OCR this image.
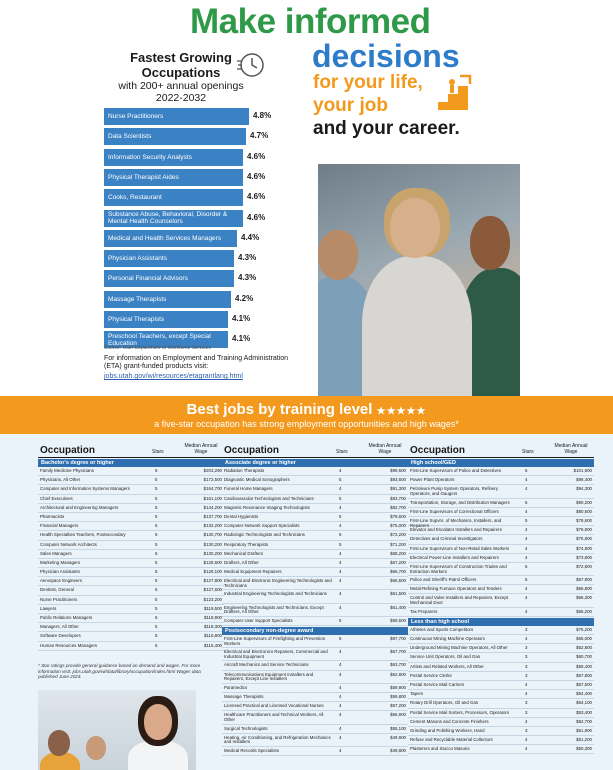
Make informed
decisions
for your life,
your job
and your career.
Fastest Growing
Occupations
with 200+ annual openings
2022-2032
Nurse Practitioners	4.8%
Data Scientists	4.7%
Information Security Analysts	4.6%
Physical Therapist Aides	4.6%
Cooks, Restaurant	4.6%
Substance Abuse, Behavioral, Disorder & Mental Health Counselors	4.6%
Medical and Health Services Managers	4.4%
Physician Assistants	4.3%
Personal Financial Advisors	4.3%
Massage Therapists	4.2%
Physical Therapists	4.1%
Preschool Teachers, except Special Education	4.1%
Source: Utah Department of Workforce Services
For information on Employment and Training Administration (ETA) grant-funded products visit:
jobs.utah.gov/wi/resources/etagrantlang.html
Best jobs by training level ★★★★★
a five-star occupation has strong employment opportunities and high wages*
Occupation	Stars
Median Annual Wage
Bachelor's degree or higher
Family Medicine Physicians	5	$203,290
Physicians, All Other	5	$172,500
Computer and Information Systems Managers	5	$164,700
Chief Executives	5	$161,100
Architectural and Engineering Managers	5	$144,200
Pharmacists	5	$137,700
Financial Managers	5	$132,200
Health Specialties Teachers, Postsecondary	5	$130,700
Computer Network Architects	5	$130,200
Sales Managers	5	$130,200
Marketing Managers	5	$128,600
Physician Assistants	5	$128,100
Aerospace Engineers	5	$127,800
Dentists, General	5	$127,600
Nurse Practitioners	5	$123,200
Lawyers	5	$119,500
Public Relations Managers	5	$118,900
Managers, All Other	5	$118,300
Software Developers	5	$116,800
Human Resources Managers	5	$115,400
Occupation	Stars
Median Annual Wage
Associate degree or higher
Radiation Therapists	4	$99,500
Diagnostic Medical Sonographers	5	$93,600
Funeral Home Managers	4	$91,300
Cardiovascular Technologists and Technicians	5	$83,700
Magnetic Resonance Imaging Technologists	4	$82,700
Dental Hygienists	5	$79,600
Computer Network Support Specialists	4	$75,000
Radiologic Technologists and Technicians	5	$73,200
Respiratory Therapists	5	$71,200
Mechanical Drafters	4	$68,200
Drafters, All Other	4	$67,200
Medical Equipment Repairers	4	$66,700
Electrical and Electronic Engineering Technologists and Technicians
4	$66,500
Industrial Engineering Technologists and Technicians	4	$61,500
Engineering Technologists and Technicians, Except Drafters, All Other
4	$61,400
Computer User Support Specialists	5	$59,500
Postsecondary non-degree award
First-Line Supervisors of Firefighting and Prevention Workers
5	$97,700
Electrical and Electronics Repairers, Commercial and Industrial Equipment
4	$67,700
Aircraft Mechanics and Service Technicians	4	$63,700
Telecommunications Equipment Installers and Repairers, Except Line Installers
4	$62,800
Paramedics	4	$59,900
Massage Therapists	4	$59,800
Licensed Practical and Licensed Vocational Nurses	4	$57,200
Healthcare Practitioners and Technical Workers, All Other
4	$56,900
Surgical Technologists	4	$55,100
Heating, Air Conditioning, and Refrigeration Mechanics and Installers
4	$49,900
Medical Records Specialists	4	$49,800
Occupation	Stars
Median Annual Wage
High school/GED
First-Line Supervisors of Police and Detectives	5	$101,900
Power Plant Operators	4	$98,400
Petroleum Pump System Operators, Refinery Operators, and Gaugers
4	$94,300
Transportation, Storage, and Distribution Managers	5	$90,200
First-Line Supervisors of Correctional Officers	4	$80,600
First-Line Supvrs. of Mechanics, Installers, and Repairers
5	$78,600
Elevator and Escalator Installers and Repairers	4	$76,900
Detectives and Criminal Investigators	4	$76,800
First-Line Supervisors of Non-Retail Sales Workers	4	$74,900
Electrical Power-Line Installers and Repairers	4	$73,800
First-Line Supervisors of Construction Trades and Extraction Workers
5	$72,800
Police and Sheriff's Patrol Officers	5	$67,900
Metal-Refining Furnace Operators and Tenders	4	$66,800
Control and Valve Installers and Repairers, Except Mechanical Door
4	$66,300
Tax Preparers	4	$66,200
Less than high school
Athletes and Sports Competitors	3	$75,200
Continuous Mining Machine Operators	4	$65,000
Underground Mining Machine Operators, All Other	3	$62,800
Service Unit Operators, Oil and Gas	3	$60,700
Artists and Related Workers, All Other	3	$59,400
Postal Service Clerks	3	$57,800
Postal Service Mail Carriers	4	$57,500
Tapers	4	$54,400
Rotary Drill Operators, Oil and Gas	3	$54,100
Postal Service Mail Sorters, Processors, Operators	3	$53,400
Cement Masons and Concrete Finishers	4	$52,700
Grinding and Polishing Workers, Hand	3	$51,900
Refuse and Recyclable Material Collectors	4	$51,200
Plasterers and Stucco Masons	4	$50,300
* Star ratings provide general guidance based on demand and wages. For more information visit: jobs.utah.gov/wi/data/library/occupation/index.html Wages data published June 2024.
